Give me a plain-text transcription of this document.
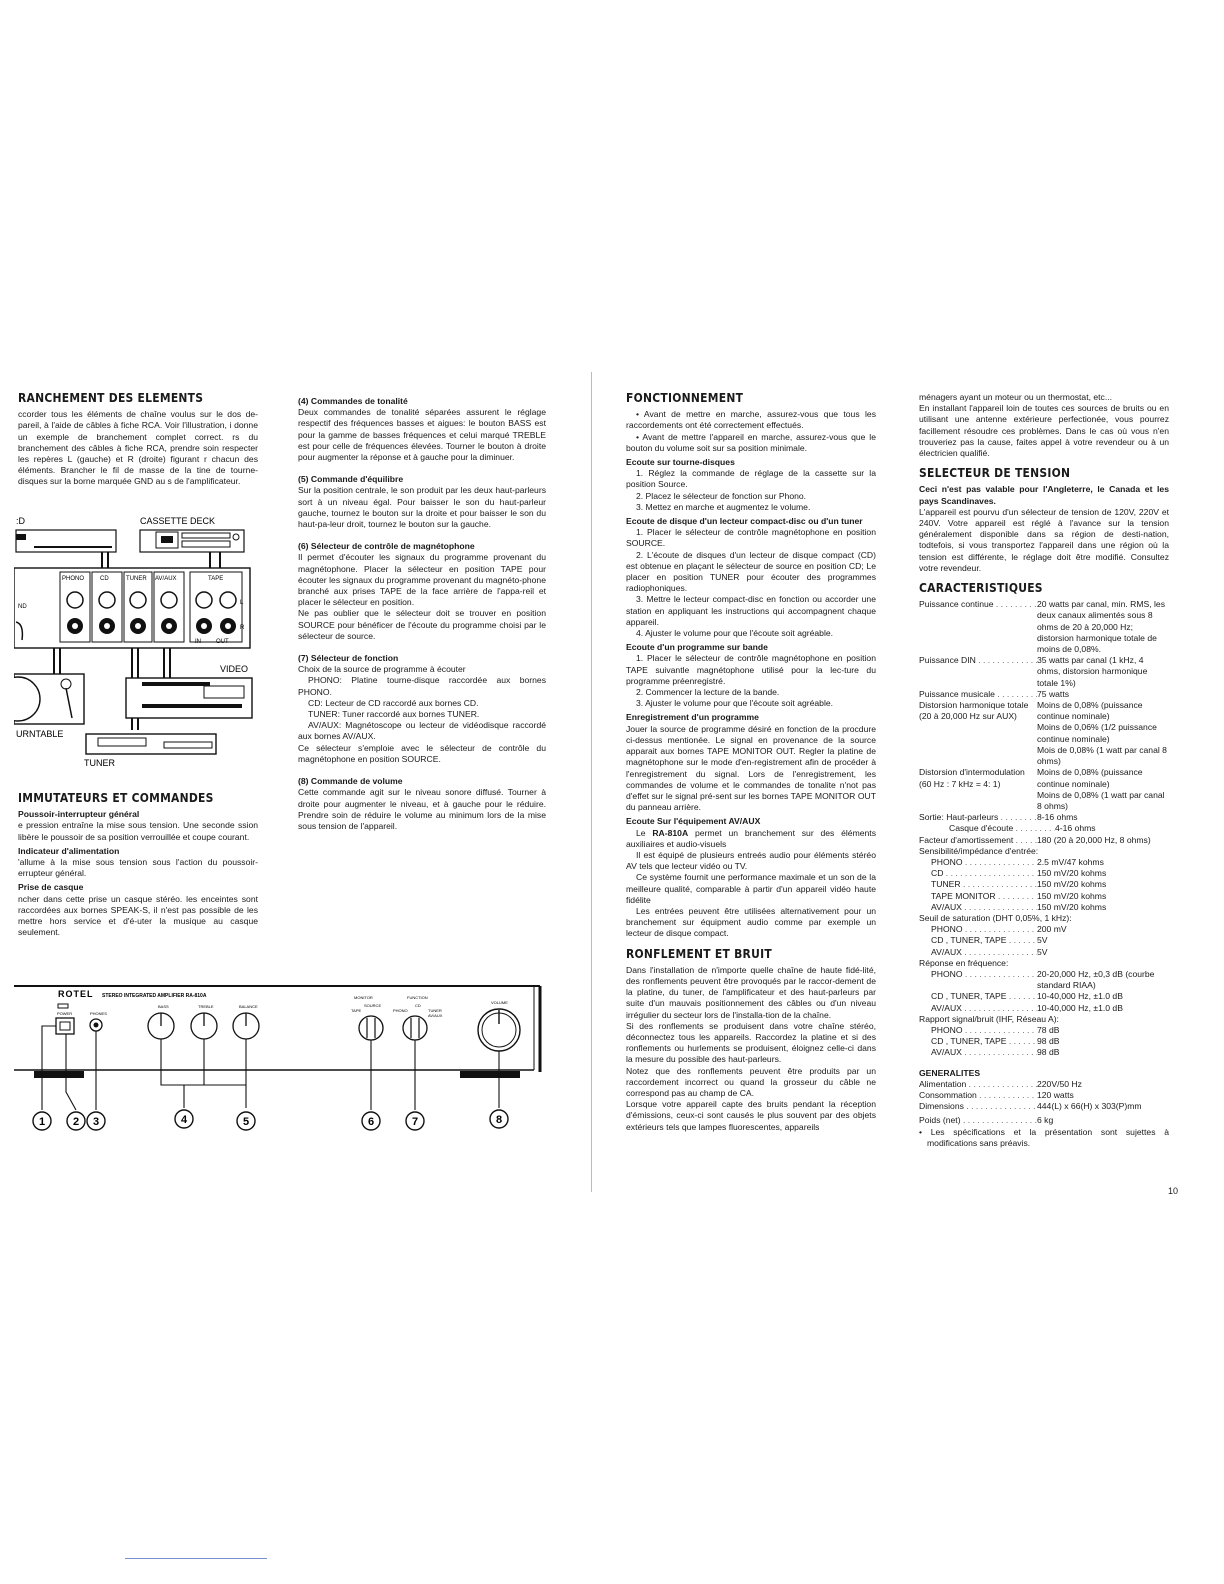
RANCHEMENT DES ELEMENTS

ccorder tous les éléments de chaîne voulus sur le dos de-pareil, à l'aide de câbles à fiche RCA. Voir l'illustration, i donne un exemple de branchement complet correct. rs du branchement des câbles à fiche RCA, prendre soin respecter les repères L (gauche) et R (droite) figurant r chacun des éléments. Brancher le fil de masse de la tine de tourne-disques sur la borne marquée GND au s de l'amplificateur.

:D	CASSETTE DECK
PHONO	CD	TUNER AV/AUX	TAPE
ND
L
R
IN	OUT
URNTABLE
VIDEO
TUNER
IMMUTATEURS ET COMMANDES
Poussoir-interrupteur général

e pression entraîne la mise sous tension. Une seconde ssion libère le poussoir de sa position verrouillée et coupe courant.

Indicateur d'alimentation

'allume à la mise sous tension sous l'action du poussoir-errupteur général.

Prise de casque

ncher dans cette prise un casque stéréo. les enceintes sont raccordées aux bornes SPEAK-S, il n'est pas possible de les mettre hors service et d'é-uter la musique au casque seulement.

(4) Commandes de tonalité

Deux commandes de tonalité séparées assurent le réglage respectif des fréquences basses et aigues: le bouton BASS est pour la gamme de basses fréquences et celui marqué TREBLE est pour celle de fréquences élevées. Tourner le bouton à droite pour augmenter la réponse et à gauche pour la diminuer.

(5) Commande d'équilibre

Sur la position centrale, le son produit par les deux haut-parleurs sort à un niveau égal. Pour baisser le son du haut-parleur gauche, tournez le bouton sur la droite et pour baisser le son du haut-pa-leur droit, tournez le bouton sur la gauche.

(6) Sélecteur de contrôle de magnétophone

Il permet d'écouter les signaux du programme provenant du magnétophone. Placer la sélecteur en position TAPE pour écouter les signaux du programme provenant du magnéto-phone branché aux prises TAPE de la face arrière de l'appa-reil et placer le sélecteur en position.

Ne pas oublier que le sélecteur doit se trouver en position SOURCE pour bénéficer de l'écoute du programme choisi par le sélecteur de source.

(7) Sélecteur de fonction

Choix de la source de programme à écouter

PHONO: Platine tourne-disque raccordée aux bornes PHONO.

CD: Lecteur de CD raccordé aux bornes CD.

TUNER: Tuner raccordé aux bornes TUNER.

AV/AUX: Magnétoscope ou lecteur de vidéodisque raccordé aux bornes AV/AUX.

Ce sélecteur s'emploie avec le sélecteur de contrôle du magnétophone en position SOURCE.

(8) Commande de volume

Cette commande agit sur le niveau sonore diffusé. Tourner à droite pour augmenter le niveau, et à gauche pour le réduire. Prendre soin de réduire le volume au minimum lors de la mise sous tension de l'appareil.

ROTEL STEREO INTEGRATED AMPLIFIER RA-810A
POWER	PHONES
BASS	TREBLE	BALANCE
MONITOR
SOURCE
TAPE
FUNCTION
PHONO
CD
TUNER
AV/AUX
VOLUME
1	2 3	4	5	6	7	8
FONCTIONNEMENT

• Avant de mettre en marche, assurez-vous que tous les raccordements ont été correctement effectués.

• Avant de mettre l'appareil en marche, assurez-vous que le bouton du volume soit sur sa position minimale.

Ecoute sur tourne-disques

1. Réglez la commande de réglage de la cassette sur la position Source.

2. Placez le sélecteur de fonction sur Phono.

3. Mettez en marche et augmentez le volume.

Ecoute de disque d'un lecteur compact-disc ou d'un tuner

1. Placer le sélecteur de contrôle magnétophone en position SOURCE.

2. L'écoute de disques d'un lecteur de disque compact (CD) est obtenue en plaçant le sélecteur de source en position CD; Le placer en position TUNER pour écouter des programmes radiophoniques.

3. Mettre le lecteur compact-disc en fonction ou accorder une station en appliquant les instructions qui accompagnent chaque appareil.

4. Ajuster le volume pour que l'écoute soit agréable.

Ecoute d'un programme sur bande

1. Placer le sélecteur de contrôle magnétophone en position TAPE suivantle magnétophone utilisé pour la lec-ture du programme préenregistré.

2. Commencer la lecture de la bande.

3. Ajuster le volume pour que l'écoute soit agréable.

Enregistrement d'un programme

Jouer la source de programme désiré en fonction de la procdure ci-dessus mentionée. Le signal en provenance de la source apparait aux bornes TAPE MONITOR OUT. Regler la platine de magnétophone sur le mode d'en-registrement afin de procéder à l'enregistrement du signal. Lors de l'enregistrement, les commandes de volume et le commandes de tonalite n'not pas d'effet sur le signal pré-sent sur les bornes TAPE MONITOR OUT du panneau arrière.

Ecoute Sur l'équipement AV/AUX

Le RA-810A permet un branchement sur des éléments auxiliaires et audio-visuels

Il est équipé de plusieurs entreés audio pour éléments stéréo AV tels que lecteur vidéo ou TV.

Ce système fournit une performance maximale et un son de la meilleure qualité, comparable à partir d'un appareil vidéo haute fidélite

Les entrées peuvent être utilisées alternativement pour un branchement sur équipment audio comme par exemple un lecteur de disque compact.

RONFLEMENT ET BRUIT

Dans l'installation de n'importe quelle chaîne de haute fidé-lité, des ronflements peuvent être provoqués par le raccor-dement de la platine, du tuner, de l'amplificateur et des haut-parleurs par suite d'un mauvais positionnement des câbles ou d'un niveau irrégulier du secteur lors de l'installa-tion de la chaîne.

Si des ronflements se produisent dans votre chaîne stéréo, déconnectez tous les appareils. Raccordez la platine et si des ronflements ou hurlements se produisent, éloignez celle-ci dans la mesure du possible des haut-parleurs.

Notez que des ronflements peuvent être produits par un raccordement incorrect ou quand la grosseur du câble ne correspond pas au champ de CA.

Lorsque votre appareil capte des bruits pendant la réception d'émissions, ceux-ci sont causés le plus souvent par des objets extérieurs tels que lampes fluorescentes, appareils

ménagers ayant un moteur ou un thermostat, etc...

En installant l'appareil loin de toutes ces sources de bruits ou en utilisant une antenne extérieure perfectionée, vous pourrez facillement résoudre ces problèmes. Dans le cas où vous n'en trouveriez pas la cause, faites appel à votre revendeur ou à un électricien qualifié.

SELECTEUR DE TENSION

Ceci n'est pas valable pour l'Angleterre, le Canada et les pays Scandinaves.

L'appareil est pourvu d'un sélecteur de tension de 120V, 220V et 240V. Votre appareil est réglé à l'avance sur la tension généralement disponible dans sa région de desti-nation, todtefois, si vous transportez l'appareil dans une région où la tension est différente, le réglage doit être modifié. Consultez votre revendeur.

CARACTERISTIQUES
Puissance continue . . .	20 watts par canal, min. RMS, les deux canaux alimentés sous 8 ohms de 20 à 20,000 Hz; distorsion harmonique totale de moins de 0,08%.
Puissance DIN . . .	35 watts par canal (1 kHz, 4 ohms, distorsion harmonique totale 1%)
Puissance musicale . . .	75 watts
Distorsion harmonique totale
(20 à 20,000 Hz sur AUX)
Moins de 0,08% (puissance continue nominale)
Moins de 0,06% (1/2 puissance continue nominale)
Mois de 0,08% (1 watt par canal 8 ohms)
Distorsion d'intermodulation
(60 Hz : 7 kHz = 4: 1)
Moins de 0,08% (puissance continue nominale)
Moins de 0,08% (1 watt par canal 8 ohms)
Sortie: Haut-parleurs . . .	8-16 ohms
Casque d'écoute . . .	4-16 ohms
Facteur d'amortissement . . .	180 (20 à 20,000 Hz, 8 ohms)
Sensibilité/impédance d'entrée:
PHONO . . .	2.5 mV/47 kohms
CD . . .	150 mV/20 kohms
TUNER . . .	150 mV/20 kohms
TAPE MONITOR . . .	150 mV/20 kohms
AV/AUX . . .	150 mV/20 kohms
Seuil de saturation (DHT 0,05%, 1 kHz):
PHONO . . .	200 mV
CD , TUNER, TAPE . . .	5V
AV/AUX . . .	5V
Réponse en fréquence:
PHONO . . .	20-20,000 Hz, ±0,3 dB (courbe standard RIAA)
CD , TUNER, TAPE . . .	10-40,000 Hz, ±1.0 dB
AV/AUX . . .	10-40,000 Hz, ±1.0 dB
Rapport signal/bruit (IHF, Réseau A):
PHONO . . .	78 dB
CD , TUNER, TAPE . . .	98 dB
AV/AUX . . .	98 dB
GENERALITES
Alimentation . . .	220V/50 Hz
Consommation . . .	120 watts
Dimensions . . .	444(L) x 66(H) x 303(P)mm
Poids (net) . . .	6 kg

• Les spécifications et la présentation sont sujettes à modifications sans préavis.

10
